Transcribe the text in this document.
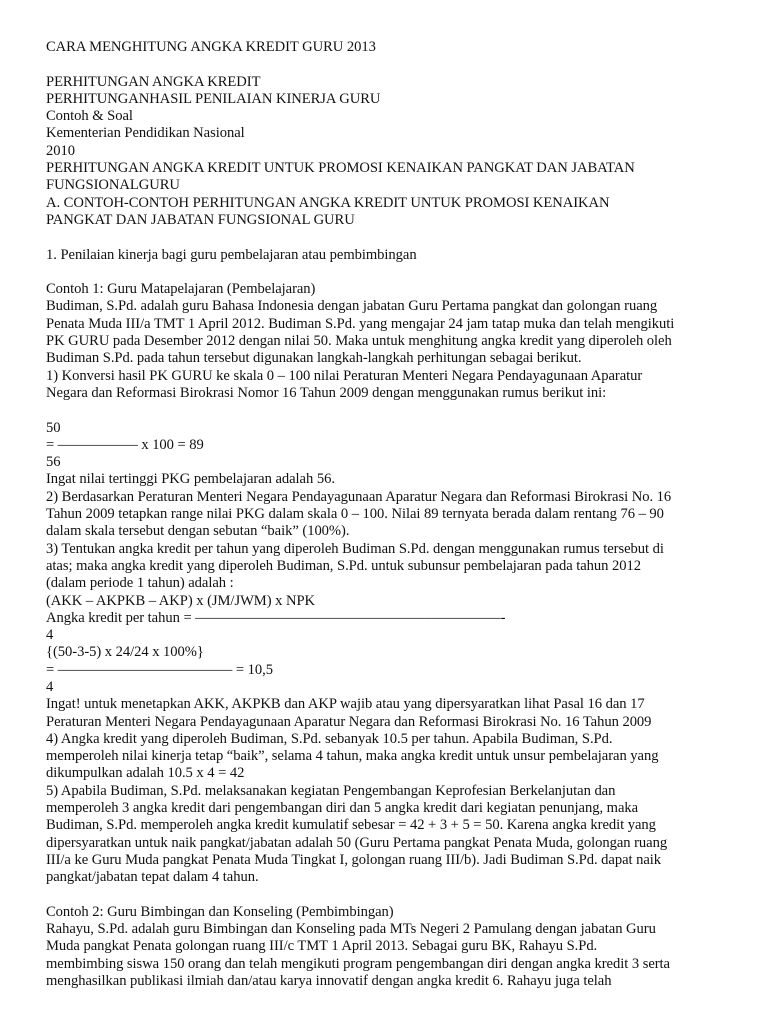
CARA MENGHITUNG ANGKA KREDIT GURU 2013
PERHITUNGAN ANGKA KREDIT
PERHITUNGANHASIL PENILAIAN KINERJA GURU
Contoh & Soal
Kementerian Pendidikan Nasional
2010
PERHITUNGAN ANGKA KREDIT UNTUK PROMOSI KENAIKAN PANGKAT DAN JABATAN
FUNGSIONALGURU
A. CONTOH-CONTOH PERHITUNGAN ANGKA KREDIT UNTUK PROMOSI KENAIKAN
PANGKAT DAN JABATAN FUNGSIONAL GURU
1. Penilaian kinerja bagi guru pembelajaran atau pembimbingan
Contoh 1: Guru Matapelajaran (Pembelajaran)
Budiman, S.Pd. adalah guru Bahasa Indonesia dengan jabatan Guru Pertama pangkat dan golongan ruang
Penata Muda III/a TMT 1 April 2012. Budiman S.Pd. yang mengajar 24 jam tatap muka dan telah mengikuti
PK GURU pada Desember 2012 dengan nilai 50. Maka untuk menghitung angka kredit yang diperoleh oleh
Budiman S.Pd. pada tahun tersebut digunakan langkah-langkah perhitungan sebagai berikut.
1) Konversi hasil PK GURU ke skala 0 – 100 nilai Peraturan Menteri Negara Pendayagunaan Aparatur
Negara dan Reformasi Birokrasi Nomor 16 Tahun 2009 dengan menggunakan rumus berikut ini:
50
= ———–—— x 100 = 89
56
Ingat nilai tertinggi PKG pembelajaran adalah 56.
2) Berdasarkan Peraturan Menteri Negara Pendayagunaan Aparatur Negara dan Reformasi Birokrasi No. 16
Tahun 2009 tetapkan range nilai PKG dalam skala 0 – 100. Nilai 89 ternyata berada dalam rentang 76 – 90
dalam skala tersebut dengan sebutan “baik” (100%).
3) Tentukan angka kredit per tahun yang diperoleh Budiman S.Pd. dengan menggunakan rumus tersebut di
atas; maka angka kredit yang diperoleh Budiman, S.Pd. untuk subunsur pembelajaran pada tahun 2012
(dalam periode 1 tahun) adalah :
(AKK – AKPKB – AKP) x (JM/JWM) x NPK
Angka kredit per tahun = —————————————————————-
4
{(50-3-5) x 24/24 x 100%}
= ———————————— = 10,5
4
Ingat! untuk menetapkan AKK, AKPKB dan AKP wajib atau yang dipersyaratkan lihat Pasal 16 dan 17
Peraturan Menteri Negara Pendayagunaan Aparatur Negara dan Reformasi Birokrasi No. 16 Tahun 2009
4) Angka kredit yang diperoleh Budiman, S.Pd. sebanyak 10.5 per tahun. Apabila Budiman, S.Pd.
memperoleh nilai kinerja tetap “baik”, selama 4 tahun, maka angka kredit untuk unsur pembelajaran yang
dikumpulkan adalah 10.5 x 4 = 42
5) Apabila Budiman, S.Pd. melaksanakan kegiatan Pengembangan Keprofesian Berkelanjutan dan
memperoleh 3 angka kredit dari pengembangan diri dan 5 angka kredit dari kegiatan penunjang, maka
Budiman, S.Pd. memperoleh angka kredit kumulatif sebesar = 42 + 3 + 5 = 50. Karena angka kredit yang
dipersyaratkan untuk naik pangkat/jabatan adalah 50 (Guru Pertama pangkat Penata Muda, golongan ruang
III/a ke Guru Muda pangkat Penata Muda Tingkat I, golongan ruang III/b). Jadi Budiman S.Pd. dapat naik
pangkat/jabatan tepat dalam 4 tahun.
Contoh 2: Guru Bimbingan dan Konseling (Pembimbingan)
Rahayu, S.Pd. adalah guru Bimbingan dan Konseling pada MTs Negeri 2 Pamulang dengan jabatan Guru
Muda pangkat Penata golongan ruang III/c TMT 1 April 2013. Sebagai guru BK, Rahayu S.Pd.
membimbing siswa 150 orang dan telah mengikuti program pengembangan diri dengan angka kredit 3 serta
menghasilkan publikasi ilmiah dan/atau karya innovatif dengan angka kredit 6. Rahayu juga telah
